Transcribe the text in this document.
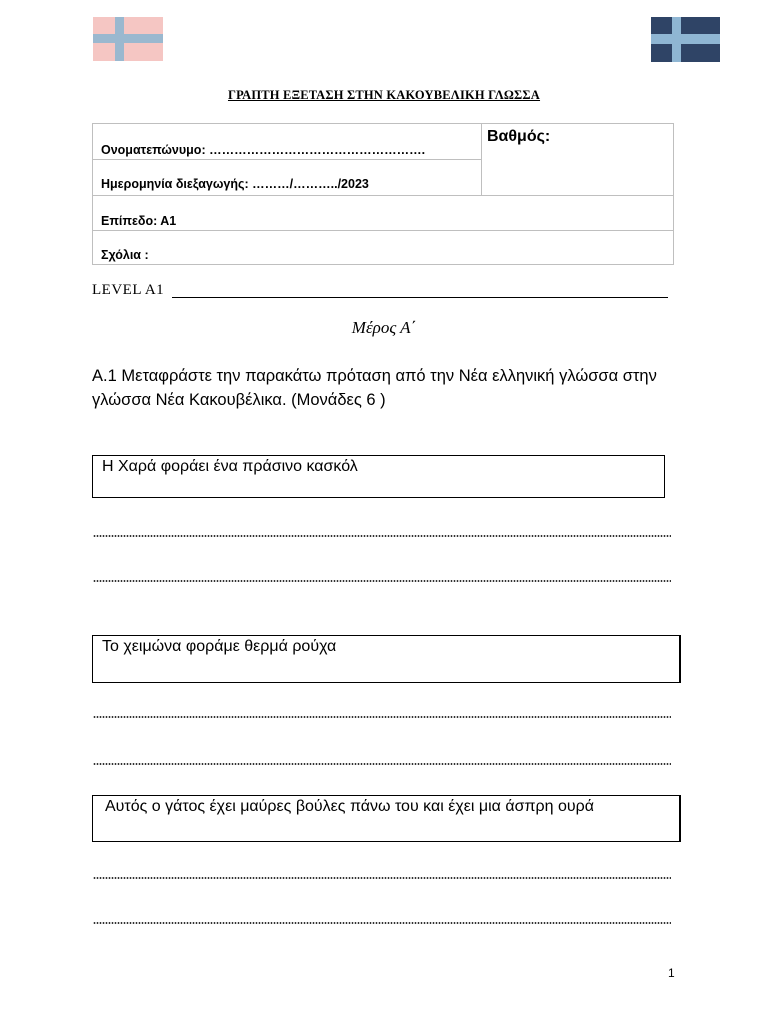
ΓΡΑΠΤΗ ΕΞΕΤΑΣΗ ΣΤΗΝ ΚΑΚΟΥΒΕΛΙΚΗ ΓΛΩΣΣΑ
Ονοματεπώνυμο: …………………………………………….
Ημερομηνία διεξαγωγής: ………/………../2023
Βαθμός:
Επίπεδο: Α1
Σχόλια :
LEVEL A1
Μέρος Α΄
Α.1 Μεταφράστε την παρακάτω πρόταση από την Νέα ελληνική γλώσσα στην γλώσσα Νέα Κακουβέλικα. (Μονάδες 6 )
Η Χαρά φοράει ένα πράσινο κασκόλ
Το χειμώνα φοράμε θερμά ρούχα
Αυτός ο γάτος έχει μαύρες βούλες πάνω του και έχει μια άσπρη ουρά
1
